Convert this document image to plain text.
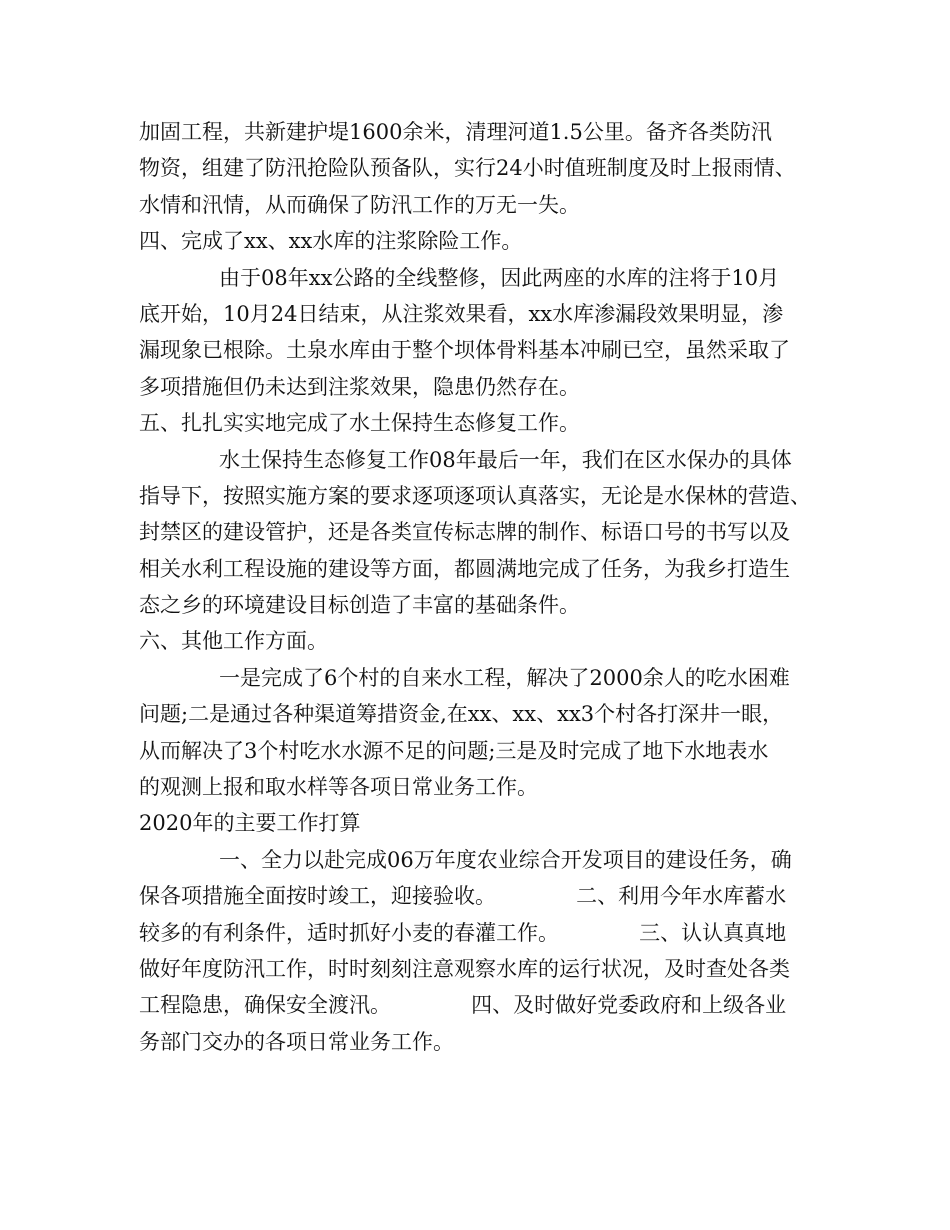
加固工程，共新建护堤1600余米，清理河道1.5公里。备齐各类防汛
物资，组建了防汛抢险队预备队，实行24小时值班制度及时上报雨情、
水情和汛情，从而确保了防汛工作的万无一失。
四、完成了xx、xx水库的注浆除险工作。
由于08年xx公路的全线整修，因此两座的水库的注将于10月
底开始，10月24日结束，从注浆效果看，xx水库渗漏段效果明显，渗
漏现象已根除。土泉水库由于整个坝体骨料基本冲刷已空，虽然采取了
多项措施但仍未达到注浆效果，隐患仍然存在。
五、扎扎实实地完成了水土保持生态修复工作。
水土保持生态修复工作08年最后一年，我们在区水保办的具体
指导下，按照实施方案的要求逐项逐项认真落实，无论是水保林的营造、
封禁区的建设管护，还是各类宣传标志牌的制作、标语口号的书写以及
相关水利工程设施的建设等方面，都圆满地完成了任务，为我乡打造生
态之乡的环境建设目标创造了丰富的基础条件。
六、其他工作方面。
一是完成了6个村的自来水工程，解决了2000余人的吃水困难
问题;二是通过各种渠道筹措资金,在xx、xx、xx3个村各打深井一眼，
从而解决了3个村吃水水源不足的问题;三是及时完成了地下水地表水
的观测上报和取水样等各项日常业务工作。
2020年的主要工作打算
一、全力以赴完成06万年度农业综合开发项目的建设任务，确
保各项措施全面按时竣工，迎接验收。            二、利用今年水库蓄水
较多的有利条件，适时抓好小麦的春灌工作。            三、认认真真地
做好年度防汛工作，时时刻刻注意观察水库的运行状况，及时查处各类
工程隐患，确保安全渡汛。            四、及时做好党委政府和上级各业
务部门交办的各项日常业务工作。
